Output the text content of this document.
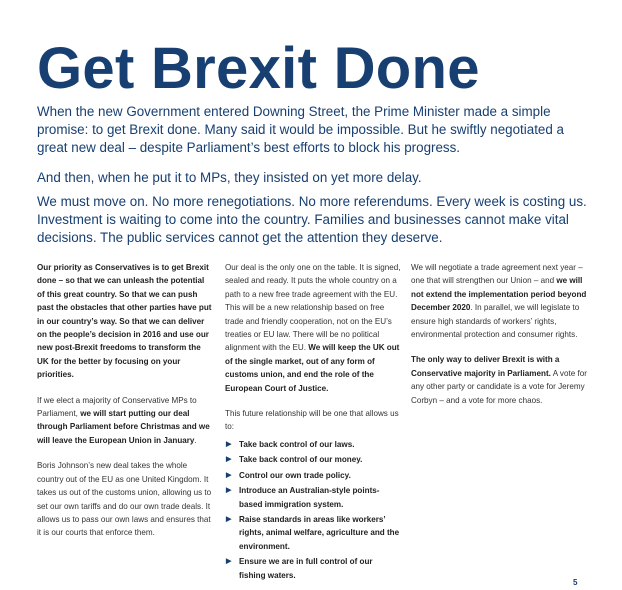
Get Brexit Done

When the new Government entered Downing Street, the Prime Minister made a simple promise: to get Brexit done. Many said it would be impossible. But he swiftly negotiated a great new deal – despite Parliament’s best efforts to block his progress.

And then, when he put it to MPs, they insisted on yet more delay.

We must move on. No more renegotiations. No more referendums. Every week is costing us. Investment is waiting to come into the country. Families and businesses cannot make vital decisions. The public services cannot get the attention they deserve.

Our priority as Conservatives is to get Brexit done – so that we can unleash the potential of this great country. So that we can push past the obstacles that other parties have put in our country’s way. So that we can deliver on the people’s decision in 2016 and use our new post-Brexit freedoms to transform the UK for the better by focusing on your priorities.

If we elect a majority of Conservative MPs to Parliament, we will start putting our deal through Parliament before Christmas and we will leave the European Union in January.

Boris Johnson’s new deal takes the whole country out of the EU as one United Kingdom. It takes us out of the customs union, allowing us to set our own tariffs and do our own trade deals. It allows us to pass our own laws and ensures that it is our courts that enforce them.

Our deal is the only one on the table. It is signed, sealed and ready. It puts the whole country on a path to a new free trade agreement with the EU. This will be a new relationship based on free trade and friendly cooperation, not on the EU’s treaties or EU law. There will be no political alignment with the EU. We will keep the UK out of the single market, out of any form of customs union, and end the role of the European Court of Justice.

This future relationship will be one that allows us to:

▶ Take back control of our laws.
▶ Take back control of our money.
▶ Control our own trade policy.
▶ Introduce an Australian-style points-based immigration system.
▶ Raise standards in areas like workers’ rights, animal welfare, agriculture and the environment.
▶ Ensure we are in full control of our fishing waters.

We will negotiate a trade agreement next year – one that will strengthen our Union – and we will not extend the implementation period beyond December 2020. In parallel, we will legislate to ensure high standards of workers’ rights, environmental protection and consumer rights.

The only way to deliver Brexit is with a Conservative majority in Parliament. A vote for any other party or candidate is a vote for Jeremy Corbyn – and a vote for more chaos.

5
